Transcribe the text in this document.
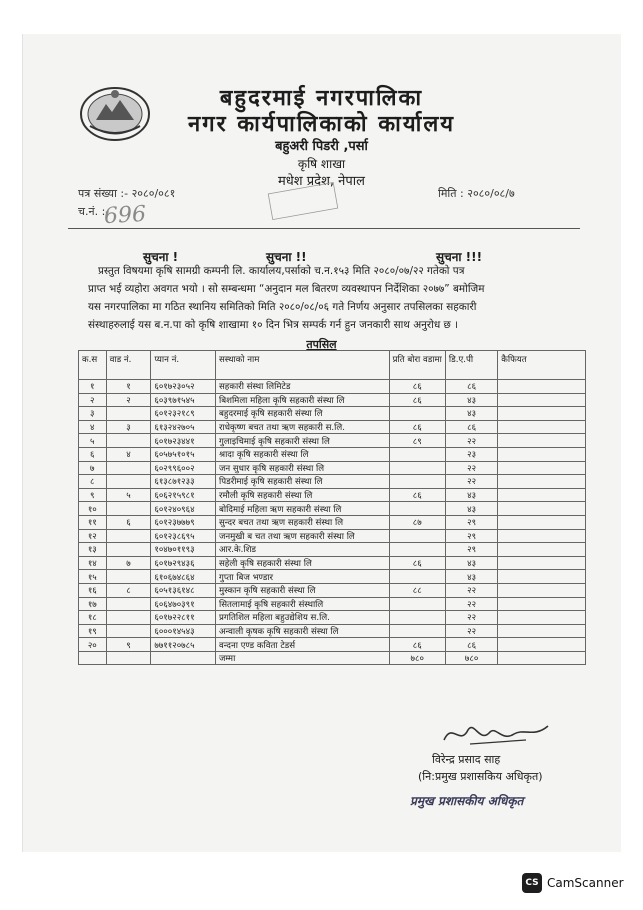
बहुदरमाई नगरपालिका
नगर कार्यपालिकाको कार्यालय
बहुअरी पिडरी ,पर्सा
कृषि शाखा
मधेश प्रदेश, नेपाल
पत्र संख्या :- २०८०/०८१
च.नं. :-
696
मिति : २०८०/०८/७
सुचना !	सुचना !!	सुचना !!!
प्रस्तुत विषयमा कृषि सामग्री कम्पनी लि. कार्यालय,पर्साको च.न.१५३ मिति २०८०/०७/२२ गतेको पत्र
प्राप्त भई व्यहोरा अवगत भयो । सो सम्बन्धमा “अनुदान मल बितरण व्यवस्थापन निर्देशिका २०७७” बमोजिम
यस नगरपालिका मा गठित स्थानिय समितिको मिति २०८०/०८/०६ गते निर्णय अनुसार तपसिलका सहकारी
संस्थाहरुलाई यस ब.न.पा को कृषि शाखामा १० दिन भित्र सम्पर्क गर्न हुन जनकारी साथ अनुरोध छ ।
तपसिल
क.स	वाड नं.	प्यान नं.	सस्थाको नाम	प्रति बोरा वडामा	डि.ए.पी	कैफियत
१	१	६०१७२३०५२	सहकारी संस्था लिमिटेड	८६	८६	
२	२	६०३९७१५४५	बिशमिला महिला कृषि सहकारी संस्था लि	८६	४३	
३		६०१२३२१८९	बहुदरमाई कृषि सहकारी संस्था लि		४३	
४	३	६१३२४२७०५	राधेकृष्ण बचत तथा ऋण सहकारी स.लि.	८६	८६	
५		६०१७२३४४१	गुलाइचिमाई कृषि सहकारी संस्था लि	८९	२२	
६	४	६०५७५१०१५	श्रादा कृषि सहकारी संस्था लि		२३	
७		६०२९९६००२	जन सुधार कृषि सहकारी संस्था लि		२२	
८		६१३८७१२३३	पिडरीमाई कृषि सहकारी संस्था लि		२२	
९	५	६०६२१५९८१	रमौली कृषि सहकारी संस्था लि	८६	४३	
१०		६०१२४०९६४	बोदिमाई महिला ऋण सहकारी संस्था लि		४३	
११	६	६०१२३७७७९	सुन्दर बचत तथा ऋण सहकारी संस्था लि	८७	२९	
१२		६०१२३८६९५	जनमुखी ब चत तथा ऋण सहकारी संस्था लि		२९	
१३		१०४७०११९३	आर.के.शिड		२९	
१४	७	६०१७२९४३६	सहेली कृषि सहकारी संस्था लि	८६	४३	
१५		६१०६७४८६४	गुप्ता बिज भण्डार		४३	
१६	८	६०५१३६१४८	मुस्कान कृषि सहकारी संस्था लि	८८	२२	
१७		६०६४७०३९१	सितलामाई कृषि सहकारी संस्थालि		२२	
१८		६०१७२२८११	प्रगतिशिल महिला बहुउद्येशिय स.लि.		२२	
१९		६०००१४५४३	अन्वाली कृषक कृषि सहकारी संस्था लि		२२	
२०	९	७७११२०७८५	वन्दना एण्ड कविता टेडर्स	८६	८६	
			जम्मा	७८०	७८०	
विरेन्द्र प्रसाद साह
(नि:प्रमुख प्रशासकिय अधिकृत)
प्रमुख प्रशासकीय अधिकृत
CS CamScanner
